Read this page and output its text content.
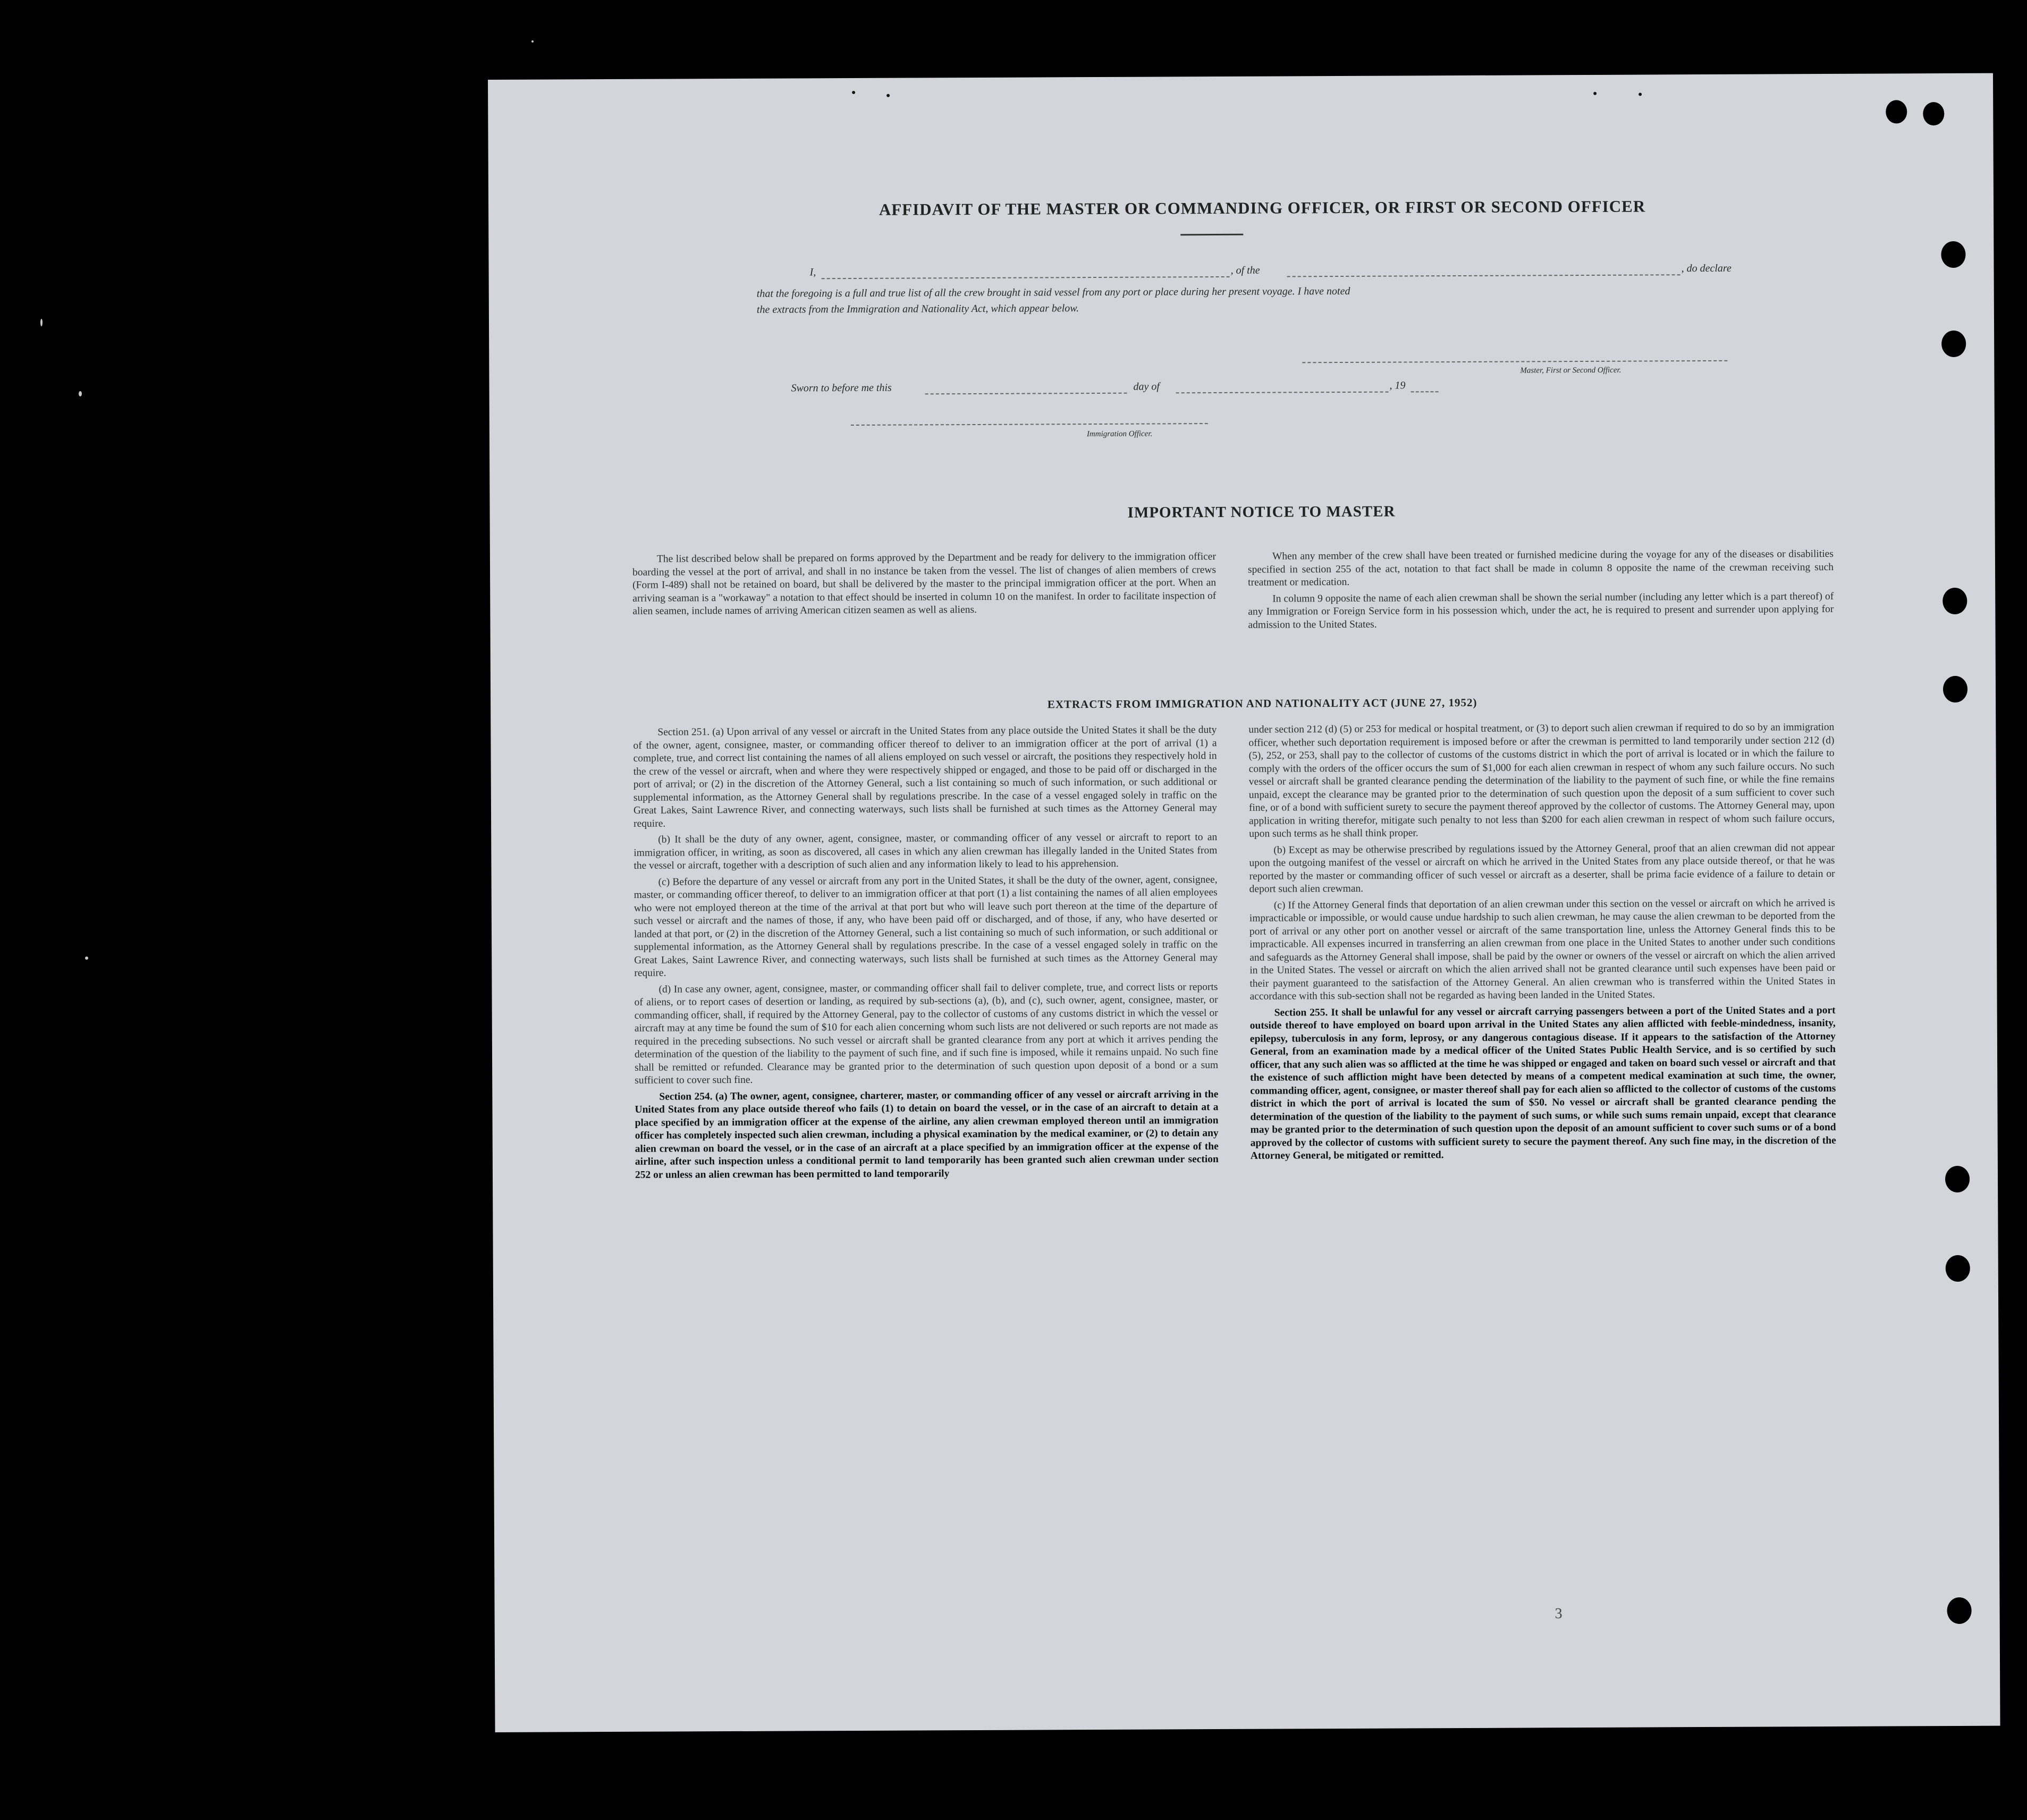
AFFIDAVIT OF THE MASTER OR COMMANDING OFFICER, OR FIRST OR SECOND OFFICER
I,	, of the	, do declare
that the foregoing is a full and true list of all the crew brought in said vessel from any port or place during her present voyage. I have noted
the extracts from the Immigration and Nationality Act, which appear below.
Master, First or Second Officer.
Sworn to before me this	day of	, 19
Immigration Officer.
IMPORTANT NOTICE TO MASTER

The list described below shall be prepared on forms approved by the Department and be ready for delivery to the immigration officer boarding the vessel at the port of arrival, and shall in no instance be taken from the vessel. The list of changes of alien members of crews (Form I-489) shall not be retained on board, but shall be delivered by the master to the principal immigration officer at the port. When an arriving seaman is a "workaway" a notation to that effect should be inserted in column 10 on the manifest. In order to facilitate inspection of alien seamen, include names of arriving American citizen seamen as well as aliens.

When any member of the crew shall have been treated or furnished medicine during the voyage for any of the diseases or disabilities specified in section 255 of the act, notation to that fact shall be made in column 8 opposite the name of the crewman receiving such treatment or medication.

In column 9 opposite the name of each alien crewman shall be shown the serial number (including any letter which is a part thereof) of any Immigration or Foreign Service form in his possession which, under the act, he is required to present and surrender upon applying for admission to the United States.

EXTRACTS FROM IMMIGRATION AND NATIONALITY ACT (JUNE 27, 1952)

Section 251. (a) Upon arrival of any vessel or aircraft in the United States from any place outside the United States it shall be the duty of the owner, agent, consignee, master, or commanding officer thereof to deliver to an immigration officer at the port of arrival (1) a complete, true, and correct list containing the names of all aliens employed on such vessel or aircraft, the positions they respectively hold in the crew of the vessel or aircraft, when and where they were respectively shipped or engaged, and those to be paid off or discharged in the port of arrival; or (2) in the discretion of the Attorney General, such a list containing so much of such information, or such additional or supplemental information, as the Attorney General shall by regulations prescribe. In the case of a vessel engaged solely in traffic on the Great Lakes, Saint Lawrence River, and connecting waterways, such lists shall be furnished at such times as the Attorney General may require.

(b) It shall be the duty of any owner, agent, consignee, master, or commanding officer of any vessel or aircraft to report to an immigration officer, in writing, as soon as discovered, all cases in which any alien crewman has illegally landed in the United States from the vessel or aircraft, together with a description of such alien and any information likely to lead to his apprehension.

(c) Before the departure of any vessel or aircraft from any port in the United States, it shall be the duty of the owner, agent, consignee, master, or commanding officer thereof, to deliver to an immigration officer at that port (1) a list containing the names of all alien employees who were not employed thereon at the time of the arrival at that port but who will leave such port thereon at the time of the departure of such vessel or aircraft and the names of those, if any, who have been paid off or discharged, and of those, if any, who have deserted or landed at that port, or (2) in the discretion of the Attorney General, such a list containing so much of such information, or such additional or supplemental information, as the Attorney General shall by regulations prescribe. In the case of a vessel engaged solely in traffic on the Great Lakes, Saint Lawrence River, and connecting waterways, such lists shall be furnished at such times as the Attorney General may require.

(d) In case any owner, agent, consignee, master, or commanding officer shall fail to deliver complete, true, and correct lists or reports of aliens, or to report cases of desertion or landing, as required by sub-sections (a), (b), and (c), such owner, agent, consignee, master, or commanding officer, shall, if required by the Attorney General, pay to the collector of customs of any customs district in which the vessel or aircraft may at any time be found the sum of $10 for each alien concerning whom such lists are not delivered or such reports are not made as required in the preceding subsections. No such vessel or aircraft shall be granted clearance from any port at which it arrives pending the determination of the question of the liability to the payment of such fine, and if such fine is imposed, while it remains unpaid. No such fine shall be remitted or refunded. Clearance may be granted prior to the determination of such question upon deposit of a bond or a sum sufficient to cover such fine.

Section 254. (a) The owner, agent, consignee, charterer, master, or commanding officer of any vessel or aircraft arriving in the United States from any place outside thereof who fails (1) to detain on board the vessel, or in the case of an aircraft to detain at a place specified by an immigration officer at the expense of the airline, any alien crewman employed thereon until an immigration officer has completely inspected such alien crewman, including a physical examination by the medical examiner, or (2) to detain any alien crewman on board the vessel, or in the case of an aircraft at a place specified by an immigration officer at the expense of the airline, after such inspection unless a conditional permit to land temporarily has been granted such alien crewman under section 252 or unless an alien crewman has been permitted to land temporarily

under section 212 (d) (5) or 253 for medical or hospital treatment, or (3) to deport such alien crewman if required to do so by an immigration officer, whether such deportation requirement is imposed before or after the crewman is permitted to land temporarily under section 212 (d) (5), 252, or 253, shall pay to the collector of customs of the customs district in which the port of arrival is located or in which the failure to comply with the orders of the officer occurs the sum of $1,000 for each alien crewman in respect of whom any such failure occurs. No such vessel or aircraft shall be granted clearance pending the determination of the liability to the payment of such fine, or while the fine remains unpaid, except the clearance may be granted prior to the determination of such question upon the deposit of a sum sufficient to cover such fine, or of a bond with sufficient surety to secure the payment thereof approved by the collector of customs. The Attorney General may, upon application in writing therefor, mitigate such penalty to not less than $200 for each alien crewman in respect of whom such failure occurs, upon such terms as he shall think proper.

(b) Except as may be otherwise prescribed by regulations issued by the Attorney General, proof that an alien crewman did not appear upon the outgoing manifest of the vessel or aircraft on which he arrived in the United States from any place outside thereof, or that he was reported by the master or commanding officer of such vessel or aircraft as a deserter, shall be prima facie evidence of a failure to detain or deport such alien crewman.

(c) If the Attorney General finds that deportation of an alien crewman under this section on the vessel or aircraft on which he arrived is impracticable or impossible, or would cause undue hardship to such alien crewman, he may cause the alien crewman to be deported from the port of arrival or any other port on another vessel or aircraft of the same transportation line, unless the Attorney General finds this to be impracticable. All expenses incurred in transferring an alien crewman from one place in the United States to another under such conditions and safeguards as the Attorney General shall impose, shall be paid by the owner or owners of the vessel or aircraft on which the alien arrived in the United States. The vessel or aircraft on which the alien arrived shall not be granted clearance until such expenses have been paid or their payment guaranteed to the satisfaction of the Attorney General. An alien crewman who is transferred within the United States in accordance with this sub-section shall not be regarded as having been landed in the United States.

Section 255. It shall be unlawful for any vessel or aircraft carrying passengers between a port of the United States and a port outside thereof to have employed on board upon arrival in the United States any alien afflicted with feeble-mindedness, insanity, epilepsy, tuberculosis in any form, leprosy, or any dangerous contagious disease. If it appears to the satisfaction of the Attorney General, from an examination made by a medical officer of the United States Public Health Service, and is so certified by such officer, that any such alien was so afflicted at the time he was shipped or engaged and taken on board such vessel or aircraft and that the existence of such affliction might have been detected by means of a competent medical examination at such time, the owner, commanding officer, agent, consignee, or master thereof shall pay for each alien so afflicted to the collector of customs of the customs district in which the port of arrival is located the sum of $50. No vessel or aircraft shall be granted clearance pending the determination of the question of the liability to the payment of such sums, or while such sums remain unpaid, except that clearance may be granted prior to the determination of such question upon the deposit of an amount sufficient to cover such sums or of a bond approved by the collector of customs with sufficient surety to secure the payment thereof. Any such fine may, in the discretion of the Attorney General, be mitigated or remitted.

3
